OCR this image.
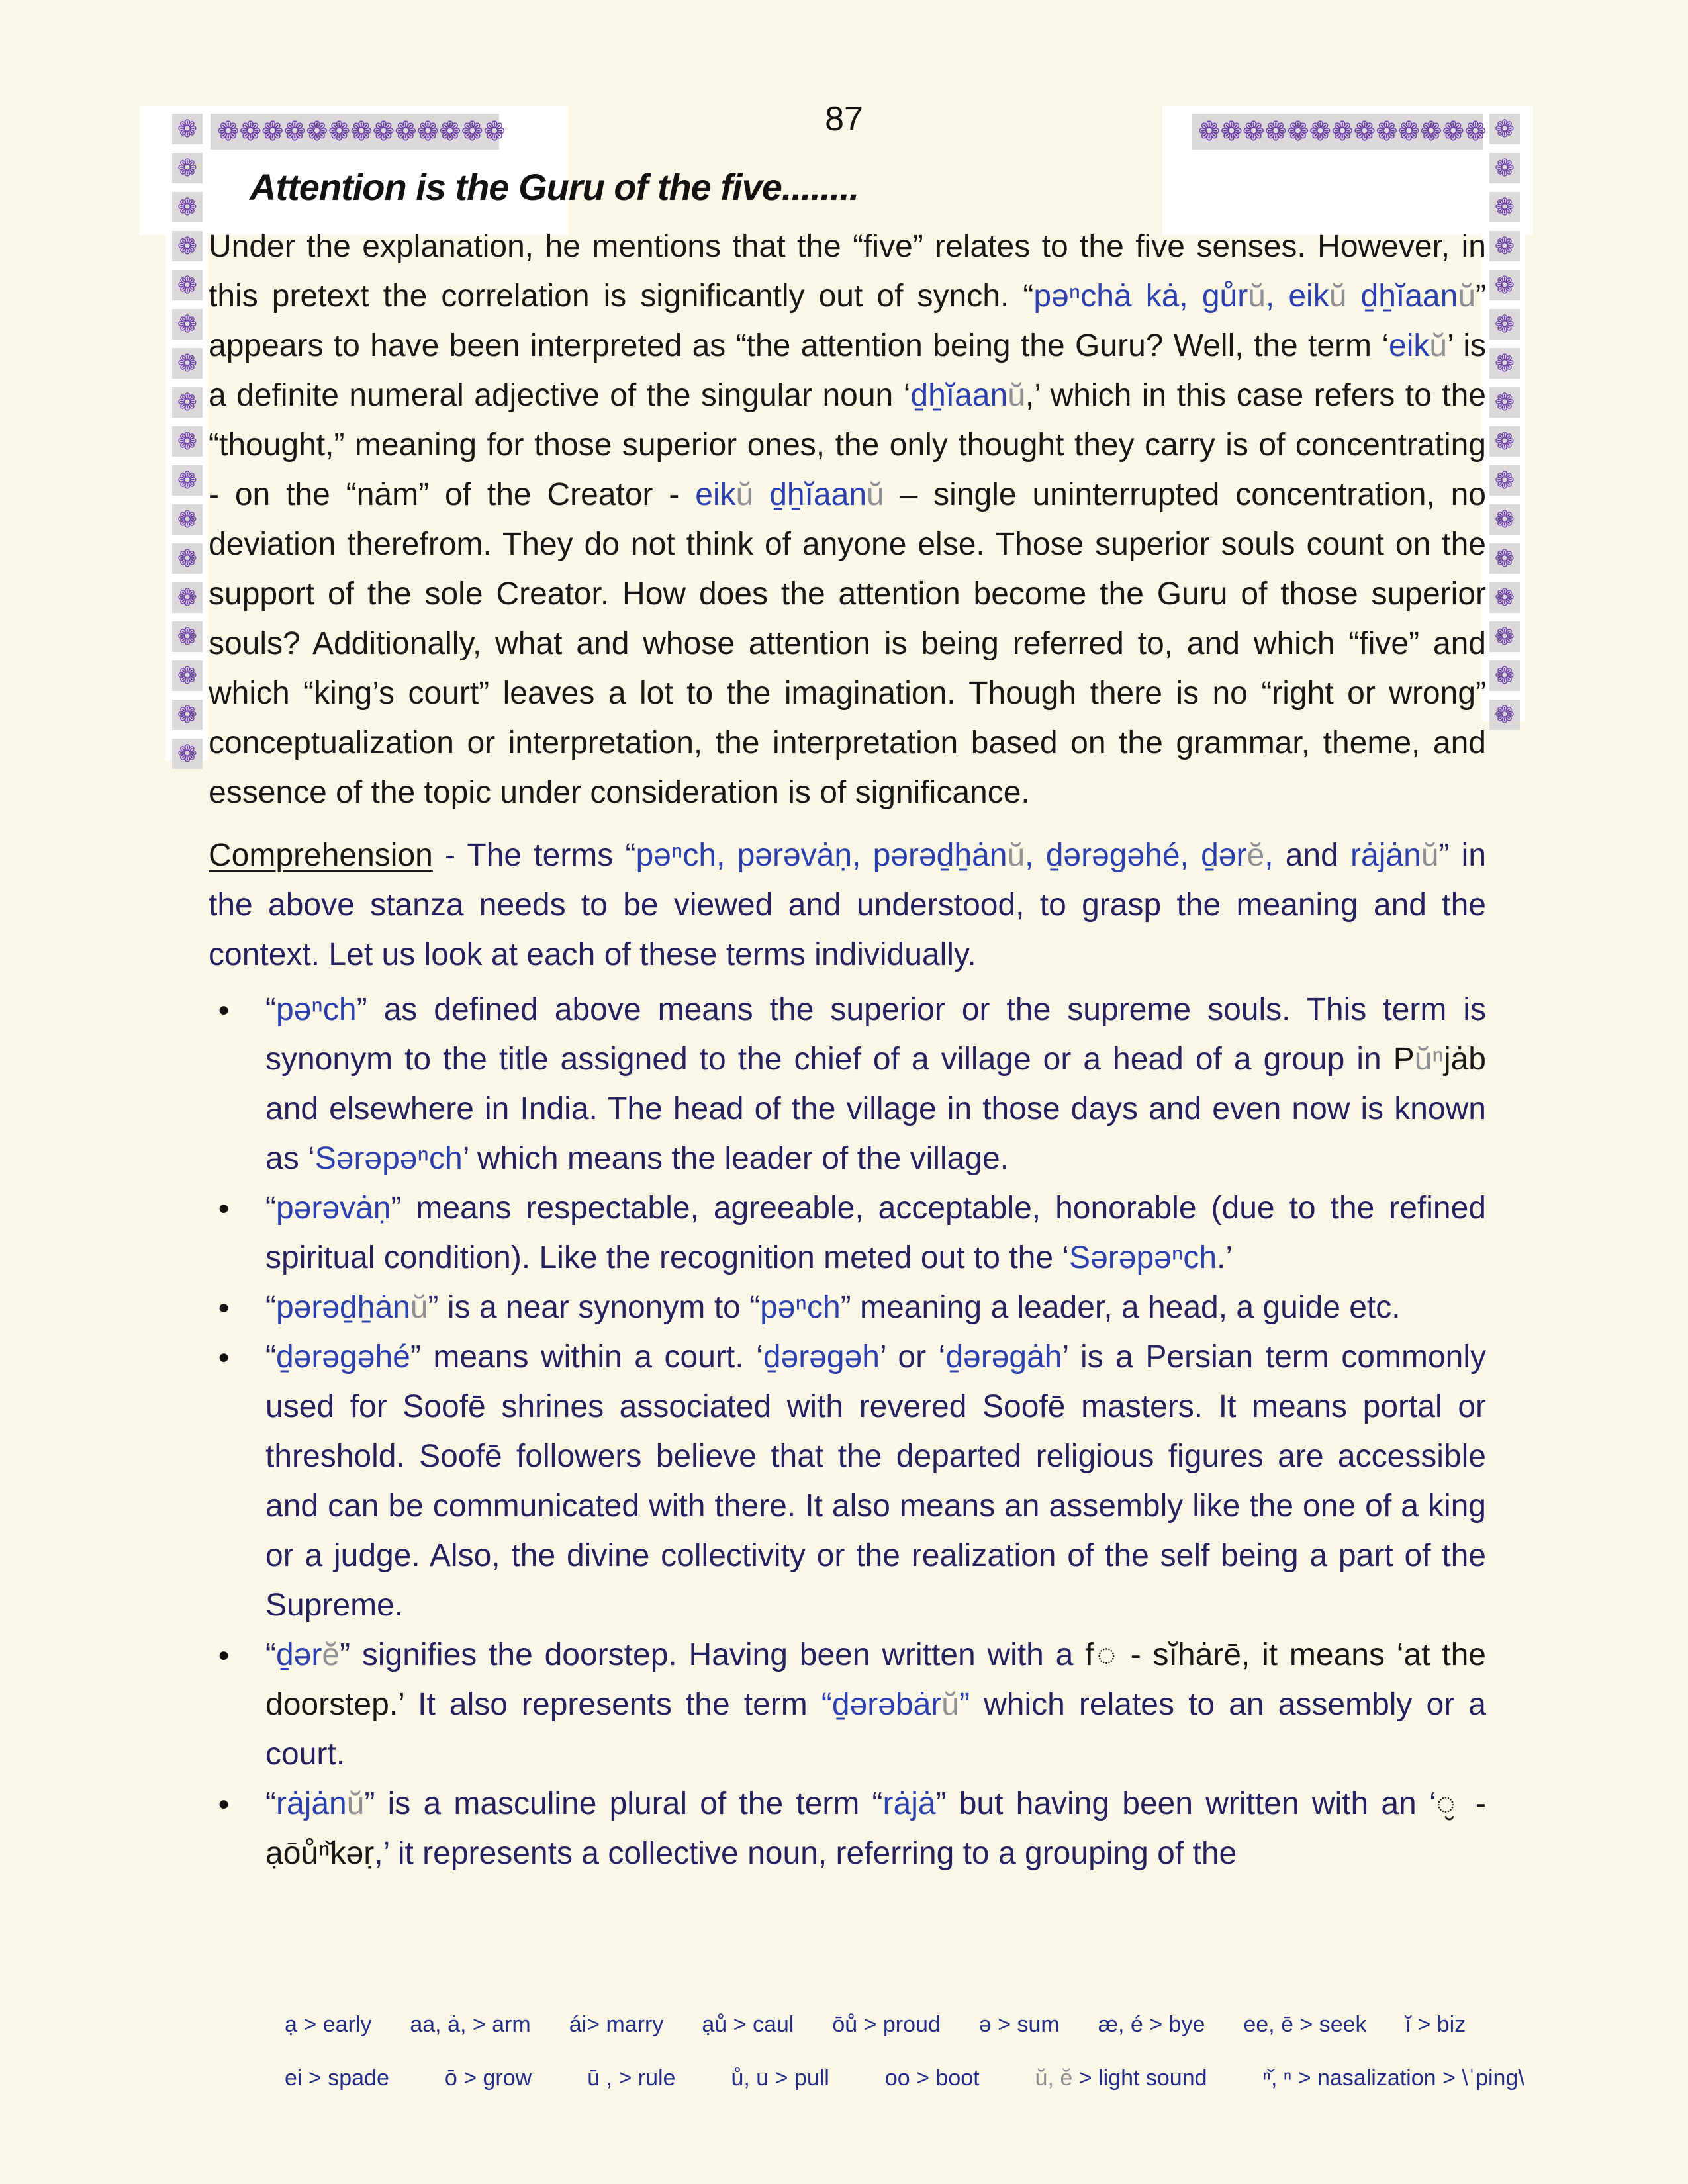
❁ ❁ ❁ ❁ ❁ ❁ ❁ ❁ ❁ ❁ ❁ ❁ ❁	❁ ❁ ❁ ❁ ❁ ❁ ❁ ❁ ❁ ❁ ❁ ❁ ❁
❁
❁
❁
❁
❁
❁
❁
❁
❁
❁
❁
❁
❁
❁
❁
❁
❁
❁
❁
❁
❁
❁
❁
❁
❁
❁
❁
❁
❁
❁
❁
❁
❁
87
Attention is the Guru of the five........

Under the explanation, he mentions that the “five” relates to the five senses. However, in this pretext the correlation is significantly out of synch. “pəⁿchȧ kȧ, gůrŭ, eikŭ ḏẖĭaanŭ” appears to have been interpreted as “the attention being the Guru? Well, the term ‘eikŭ’ is a definite numeral adjective of the singular noun ‘ḏẖĭaanŭ,’ which in this case refers to the “thought,” meaning for those superior ones, the only thought they carry is of concentrating - on the “nȧm” of the Creator - eikŭ ḏẖĭaanŭ – single uninterrupted concentration, no deviation therefrom. They do not think of anyone else. Those superior souls count on the support of the sole Creator. How does the attention become the Guru of those superior souls? Additionally, what and whose attention is being referred to, and which “five” and which “king’s court” leaves a lot to the imagination. Though there is no “right or wrong” conceptualization or interpretation, the interpretation based on the grammar, theme, and essence of the topic under consideration is of significance.

Comprehension - The terms “pəⁿch, pərəvȧṇ, pərəḏẖȧnŭ, ḏərəgəhé, ḏərĕ, and rȧjȧnŭ” in the above stanza needs to be viewed and understood, to grasp the meaning and the context. Let us look at each of these terms individually.

● “pəⁿch” as defined above means the superior or the supreme souls. This term is synonym to the title assigned to the chief of a village or a head of a group in Pŭⁿjȧb and elsewhere in India. The head of the village in those days and even now is known as ‘Sərəpəⁿch’ which means the leader of the village.
● “pərəvȧṇ” means respectable, agreeable, acceptable, honorable (due to the refined spiritual condition). Like the recognition meted out to the ‘Sərəpəⁿch.’
● “pərəḏẖȧnŭ” is a near synonym to “pəⁿch” meaning a leader, a head, a guide etc.
● “ḏərəgəhé” means within a court. ‘ḏərəgəh’ or ‘ḏərəgȧh’ is a Persian term commonly used for Soofē shrines associated with revered Soofē masters. It means portal or threshold. Soofē followers believe that the departed religious figures are accessible and can be communicated with there. It also means an assembly like the one of a king or a judge. Also, the divine collectivity or the realization of the self being a part of the Supreme.
● “ḏərĕ” signifies the doorstep. Having been written with a f◌ - sĭhȧrē, it means ‘at the doorstep.’ It also represents the term “ḏərəbȧrŭ” which relates to an assembly or a court.
● “rȧjȧnŭ” is a masculine plural of the term “rȧjȧ” but having been written with an ‘◌̮ - ạōůⁿ̌kəṛ,’ it represents a collective noun, referring to a grouping of the
ạ > early aa, ȧ, > arm ái> marry ạů > caul ōů > proud ə > sum æ, é > bye ee, ē > seek ĭ > biz
ei > spade ō > grow ū , > rule ů, u > pull oo > boot ŭ, ĕ > light sound ⁿ̌, ⁿ > nasalization > \ˈping\
